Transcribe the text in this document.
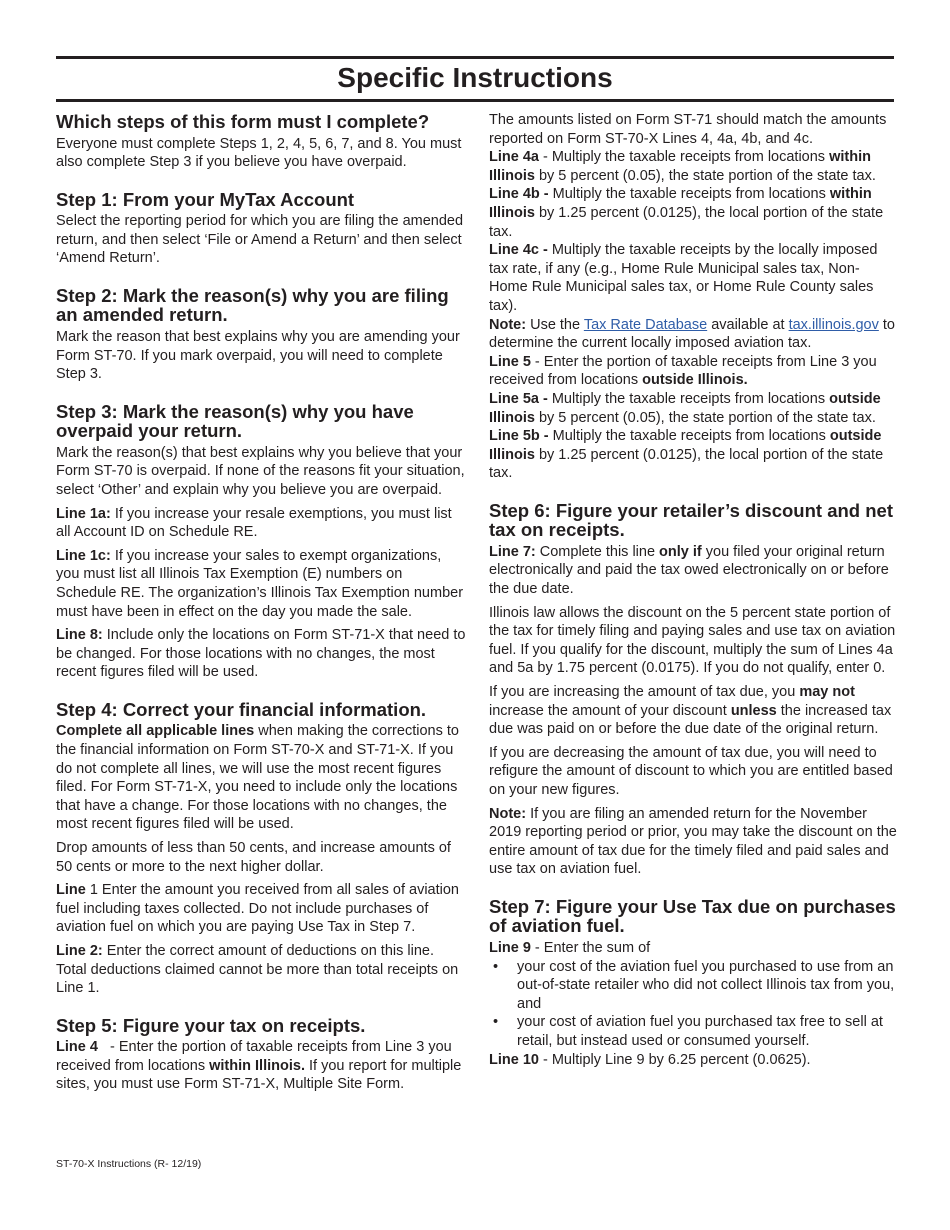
Specific Instructions
Which steps of this form must I complete?

Everyone must complete Steps 1, 2, 4, 5, 6, 7, and 8. You must also complete Step 3 if you believe you have overpaid.

Step 1: From your MyTax Account

Select the reporting period for which you are filing the amended return, and then select ‘File or Amend a Return’ and then select ‘Amend Return’.

Step 2: Mark the reason(s) why you are filing an amended return.

Mark the reason that best explains why you are amending your Form ST-70. If you mark overpaid, you will need to complete Step 3.

Step 3: Mark the reason(s) why you have overpaid your return.

Mark the reason(s) that best explains why you believe that your Form ST-70 is overpaid. If none of the reasons fit your situation, select ‘Other’ and explain why you believe you are overpaid.

Line 1a: If you increase your resale exemptions, you must list all Account ID on Schedule RE.

Line 1c: If you increase your sales to exempt organizations, you must list all Illinois Tax Exemption (E) numbers on Schedule RE. The organization’s Illinois Tax Exemption number must have been in effect on the day you made the sale.

Line 8: Include only the locations on Form ST-71-X that need to be changed. For those locations with no changes, the most recent figures filed will be used.

Step 4: Correct your financial information.

Complete all applicable lines when making the corrections to the financial information on Form ST-70-X and ST-71-X. If you do not complete all lines, we will use the most recent figures filed. For Form ST-71-X, you need to include only the locations that have a change. For those locations with no changes, the most recent figures filed will be used.

Drop amounts of less than 50 cents, and increase amounts of 50 cents or more to the next higher dollar.

Line 1 Enter the amount you received from all sales of aviation fuel including taxes collected. Do not include purchases of aviation fuel on which you are paying Use Tax in Step 7.

Line 2: Enter the correct amount of deductions on this line. Total deductions claimed cannot be more than total receipts on Line 1.

Step 5: Figure your tax on receipts.

Line 4   - Enter the portion of taxable receipts from Line 3 you received from locations within Illinois. If you report for multiple sites, you must use Form ST-71-X, Multiple Site Form.

The amounts listed on Form ST-71 should match the amounts reported on Form ST-70-X Lines 4, 4a, 4b, and 4c.

Line 4a - Multiply the taxable receipts from locations within Illinois by 5 percent (0.05), the state portion of the state tax.

Line 4b - Multiply the taxable receipts from locations within Illinois by 1.25 percent (0.0125), the local portion of the state tax.

Line 4c - Multiply the taxable receipts by the locally imposed tax rate, if any (e.g., Home Rule Municipal sales tax, Non-Home Rule Municipal sales tax, or Home Rule County sales tax).

Note: Use the Tax Rate Database available at tax.illinois.gov to determine the current locally imposed aviation tax.

Line 5 - Enter the portion of taxable receipts from Line 3 you received from locations outside Illinois.

Line 5a - Multiply the taxable receipts from locations outside Illinois by 5 percent (0.05), the state portion of the state tax.

Line 5b - Multiply the taxable receipts from locations outside Illinois by 1.25 percent (0.0125), the local portion of the state tax.

Step 6: Figure your retailer’s discount and net tax on receipts.

Line 7: Complete this line only if you filed your original return electronically and paid the tax owed electronically on or before the due date.

Illinois law allows the discount on the 5 percent state portion of the tax for timely filing and paying sales and use tax on aviation fuel. If you qualify for the discount, multiply the sum of Lines 4a and 5a by 1.75 percent (0.0175). If you do not qualify, enter 0.

If you are increasing the amount of tax due, you may not increase the amount of your discount unless the increased tax due was paid on or before the due date of the original return.

If you are decreasing the amount of tax due, you will need to refigure the amount of discount to which you are entitled based on your new figures.

Note: If you are filing an amended return for the November 2019 reporting period or prior, you may take the discount on the entire amount of tax due for the timely filed and paid sales and use tax on aviation fuel.

Step 7: Figure your Use Tax due on purchases of aviation fuel.

Line 9 - Enter the sum of

• your cost of the aviation fuel you purchased to use from an out-of-state retailer who did not collect Illinois tax from you, and
• your cost of aviation fuel you purchased tax free to sell at retail, but instead used or consumed yourself.

Line 10 - Multiply Line 9 by 6.25 percent (0.0625).

ST-70-X Instructions (R- 12/19)
